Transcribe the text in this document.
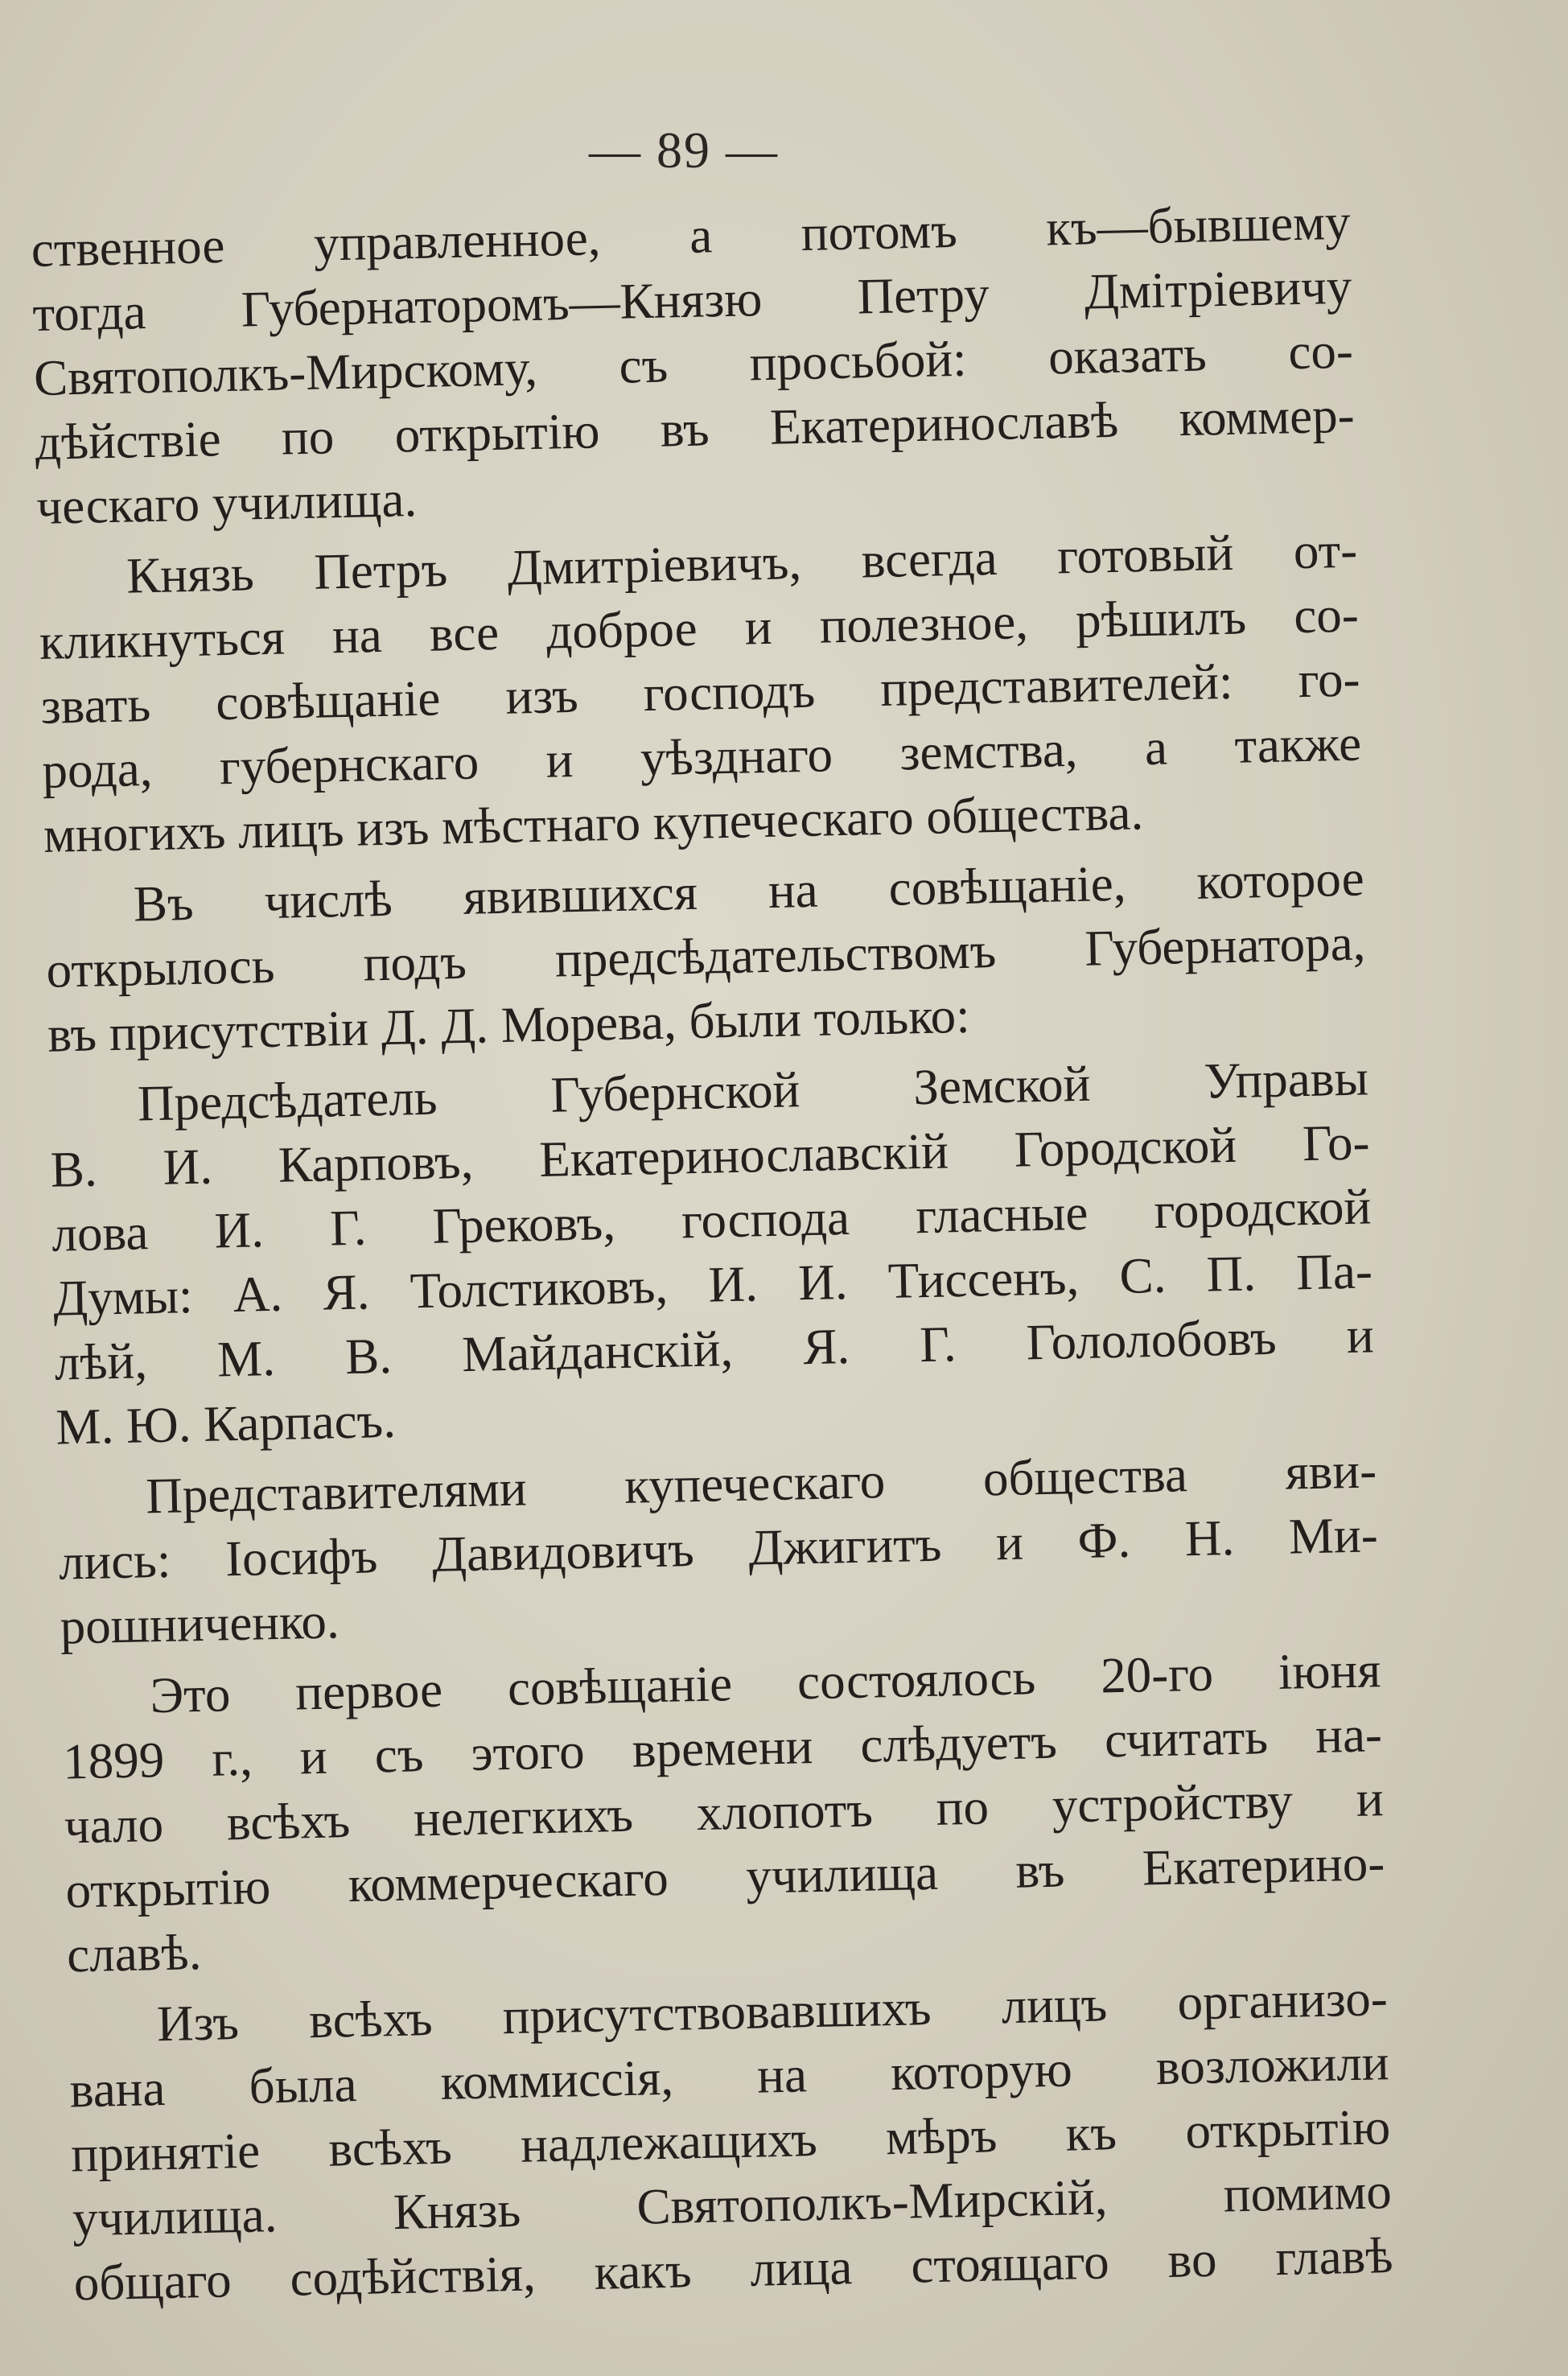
— 89 —
ственное управленное, а потомъ къ—бывшему
тогда Губернаторомъ—Князю Петру Дмітріевичу
Святополкъ-Мирскому, съ просьбой: оказать со-
дѣйствіе по открытію въ Екатеринославѣ коммер-
ческаго училища.
Князь Петръ Дмитріевичъ, всегда готовый от-
кликнуться на все доброе и полезное, рѣшилъ со-
звать совѣщаніе изъ господъ представителей: го-
рода, губернскаго и уѣзднаго земства, а также
многихъ лицъ изъ мѣстнаго купеческаго общества.
Въ числѣ явившихся на совѣщаніе, которое
открылось подъ предсѣдательствомъ Губернатора,
въ присутствіи Д. Д. Морева, были только:
Предсѣдатель Губернской Земской Управы
В. И. Карповъ, Екатеринославскій Городской Го-
лова И. Г. Грековъ, господа гласные городской
Думы: А. Я. Толстиковъ, И. И. Тиссенъ, С. П. Па-
лѣй, М. В. Майданскій, Я. Г. Гололобовъ и
М. Ю. Карпасъ.
Представителями купеческаго общества яви-
лись: Іосифъ Давидовичъ Джигитъ и Ф. Н. Ми-
рошниченко.
Это первое совѣщаніе состоялось 20-го іюня
1899 г., и съ этого времени слѣдуетъ считать на-
чало всѣхъ нелегкихъ хлопотъ по устройству и
открытію коммерческаго училища въ Екатерино-
славѣ.
Изъ всѣхъ присутствовавшихъ лицъ организо-
вана была коммиссія, на которую возложили
принятіе всѣхъ надлежащихъ мѣръ къ открытію
училища. Князь Святополкъ-Мирскій, помимо
общаго содѣйствія, какъ лица стоящаго во главѣ
